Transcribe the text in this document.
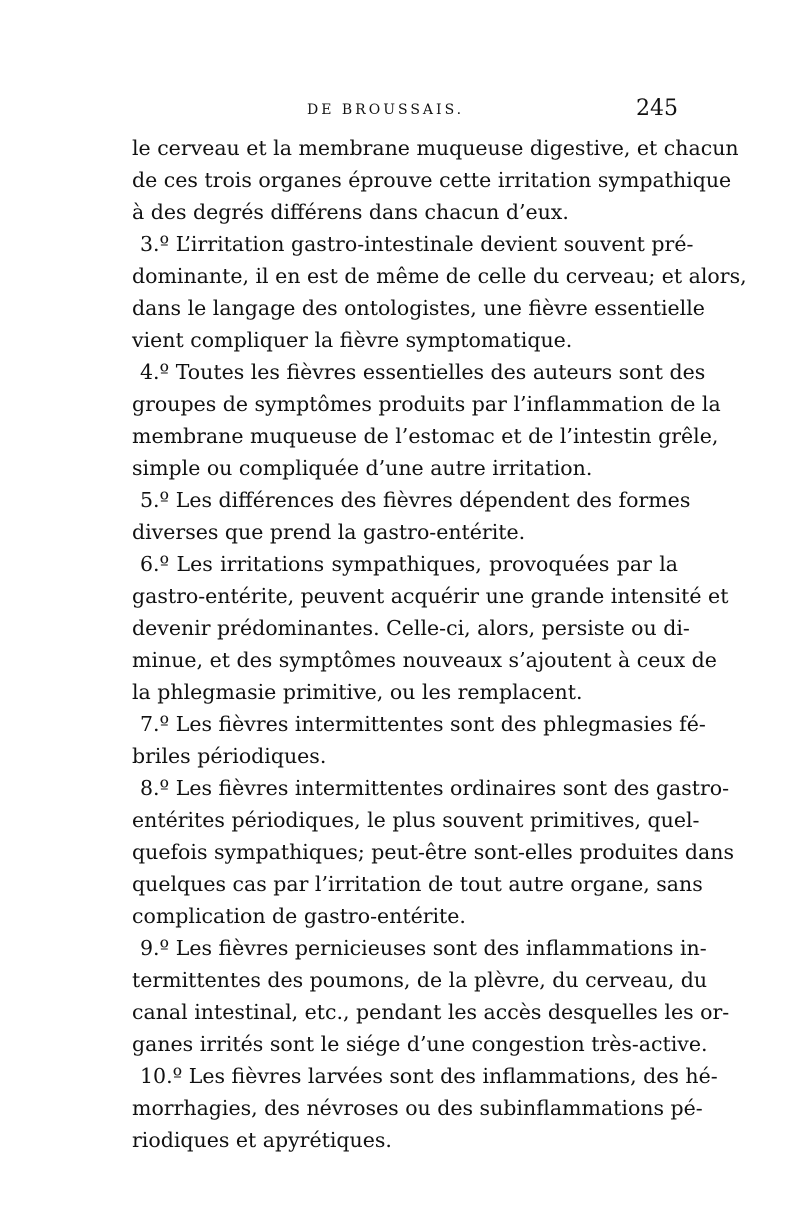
DE BROUSSAIS.	245
le cerveau et la membrane muqueuse digestive, et chacun
de ces trois organes éprouve cette irritation sympathique
à des degrés différens dans chacun d’eux.
3.º L’irritation gastro-intestinale devient souvent pré-
dominante, il en est de même de celle du cerveau; et alors,
dans le langage des ontologistes, une fièvre essentielle
vient compliquer la fièvre symptomatique.
4.º Toutes les fièvres essentielles des auteurs sont des
groupes de symptômes produits par l’inflammation de la
membrane muqueuse de l’estomac et de l’intestin grêle,
simple ou compliquée d’une autre irritation.
5.º Les différences des fièvres dépendent des formes
diverses que prend la gastro-entérite.
6.º Les irritations sympathiques, provoquées par la
gastro-entérite, peuvent acquérir une grande intensité et
devenir prédominantes. Celle-ci, alors, persiste ou di-
minue, et des symptômes nouveaux s’ajoutent à ceux de
la phlegmasie primitive, ou les remplacent.
7.º Les fièvres intermittentes sont des phlegmasies fé-
briles périodiques.
8.º Les fièvres intermittentes ordinaires sont des gastro-
entérites périodiques, le plus souvent primitives, quel-
quefois sympathiques; peut-être sont-elles produites dans
quelques cas par l’irritation de tout autre organe, sans
complication de gastro-entérite.
9.º Les fièvres pernicieuses sont des inflammations in-
termittentes des poumons, de la plèvre, du cerveau, du
canal intestinal, etc., pendant les accès desquelles les or-
ganes irrités sont le siége d’une congestion très-active.
10.º Les fièvres larvées sont des inflammations, des hé-
morrhagies, des névroses ou des subinflammations pé-
riodiques et apyrétiques.
